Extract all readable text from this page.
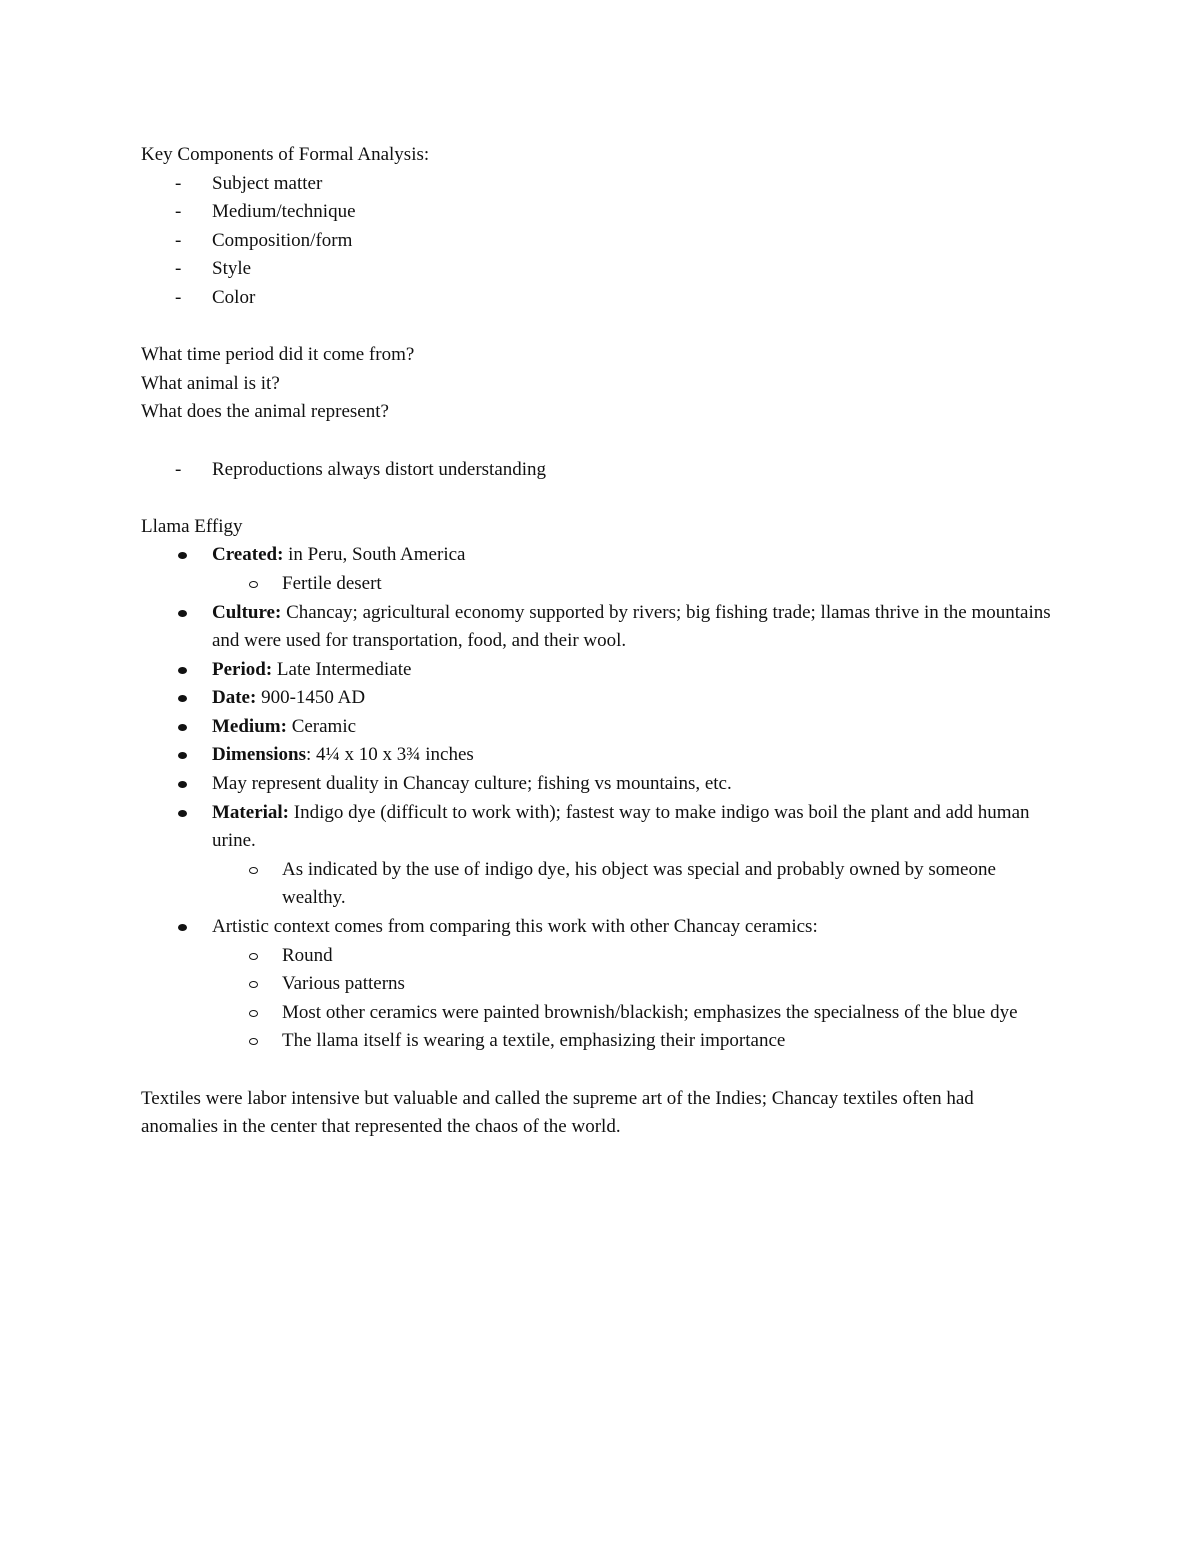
Key Components of Formal Analysis:

- Subject matter

- Medium/technique

- Composition/form

- Style

- Color

What time period did it come from?

What animal is it?

What does the animal represent?

- Reproductions always distort understanding

Llama Effigy

Created: in Peru, South America

Fertile desert

Culture: Chancay; agricultural economy supported by rivers; big fishing trade; llamas thrive in the mountains and were used for transportation, food, and their wool.

Period: Late Intermediate

Date: 900-1450 AD

Medium: Ceramic

Dimensions: 4¼ x 10 x 3¾ inches

May represent duality in Chancay culture; fishing vs mountains, etc.

Material: Indigo dye (difficult to work with); fastest way to make indigo was boil the plant and add human urine.

As indicated by the use of indigo dye, his object was special and probably owned by someone wealthy.

Artistic context comes from comparing this work with other Chancay ceramics:

Round

Various patterns

Most other ceramics were painted brownish/blackish; emphasizes the specialness of the blue dye

The llama itself is wearing a textile, emphasizing their importance

Textiles were labor intensive but valuable and called the supreme art of the Indies; Chancay textiles often had anomalies in the center that represented the chaos of the world.
